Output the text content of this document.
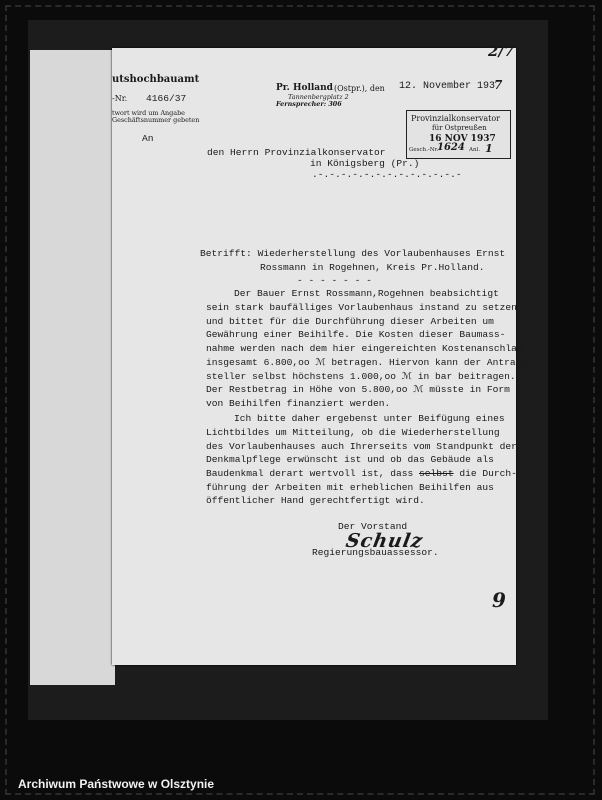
utshochbauamt
-Nr. 4166/37
twort wird um Angabe
Geschäftsnummer gebeten
Pr. Holland (Ostpr.), den 12. November 193
7
Tannenbergplatz 2
Fernsprecher: 306
2/7
Provinzialkonservator
für Ostpreußen
16 NOV 1937
Gesch.-Nr.
1624 Anl. 1
An
den Herrn Provinzialkonservator
in Königsberg (Pr.)
.-.-.-.-.-.-.-.-.-.-.-.-.-
Betrifft: Wiederherstellung des Vorlaubenhauses Ernst
Rossmann in Rogehnen, Kreis Pr.Holland.
- - - - - - -
Der Bauer Ernst Rossmann,Rogehnen beabsichtigt
sein stark baufälliges Vorlaubenhaus instand zu setzen
und bittet für die Durchführung dieser Arbeiten um
Gewährung einer Beihilfe. Die Kosten dieser Baumass-
nahme werden nach dem hier eingereichten Kostenanschlag
insgesamt 6.800,oo ℳ betragen. Hiervon kann der Antrag-
steller selbst höchstens 1.000,oo ℳ in bar beitragen.
Der Restbetrag in Höhe von 5.800,oo ℳ müsste in Form
von Beihilfen finanziert werden.
Ich bitte daher ergebenst unter Beifügung eines
Lichtbildes um Mitteilung, ob die Wiederherstellung
des Vorlaubenhauses auch Ihrerseits vom Standpunkt der
Denkmalpflege erwünscht ist und ob das Gebäude als
Baudenkmal derart wertvoll ist, dass selbst die Durch-
führung der Arbeiten mit erheblichen Beihilfen aus
öffentlicher Hand gerechtfertigt wird.
Der Vorstand
Schulz
Regierungsbauassessor.
9
Archiwum Państwowe w Olsztynie
